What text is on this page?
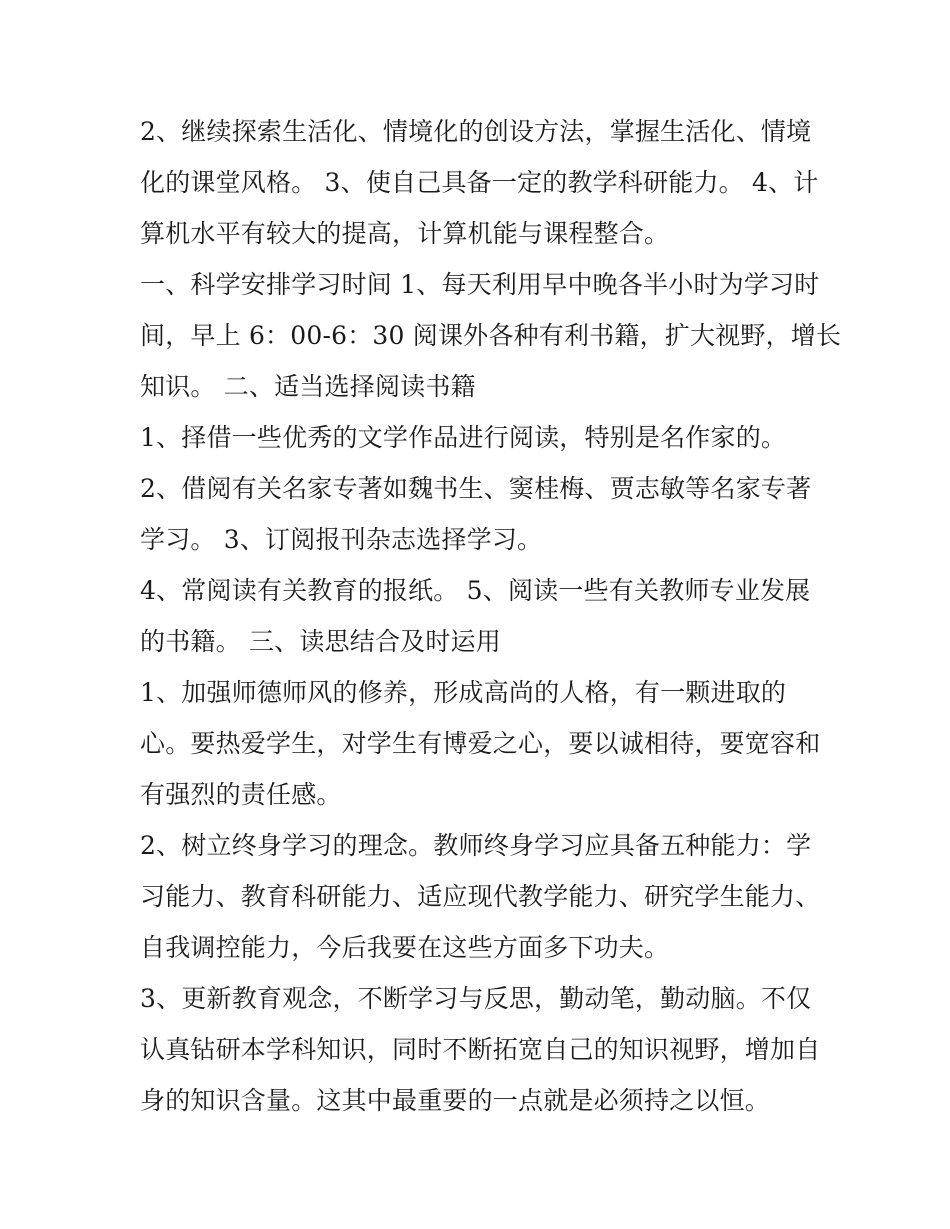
2、继续探索生活化、情境化的创设方法，掌握生活化、情境
化的课堂风格。 3、使自己具备一定的教学科研能力。 4、计
算机水平有较大的提高，计算机能与课程整合。

一、科学安排学习时间 1、每天利用早中晚各半小时为学习时
间，早上 6：00-6：30 阅课外各种有利书籍，扩大视野，增长
知识。 二、适当选择阅读书籍

1、择借一些优秀的文学作品进行阅读，特别是名作家的。

2、借阅有关名家专著如魏书生、窦桂梅、贾志敏等名家专著
学习。 3、订阅报刊杂志选择学习。

4、常阅读有关教育的报纸。 5、阅读一些有关教师专业发展
的书籍。 三、读思结合及时运用

1、加强师德师风的修养，形成高尚的人格，有一颗进取的
心。要热爱学生，对学生有博爱之心，要以诚相待，要宽容和
有强烈的责任感。

2、树立终身学习的理念。教师终身学习应具备五种能力：学
习能力、教育科研能力、适应现代教学能力、研究学生能力、
自我调控能力，今后我要在这些方面多下功夫。

3、更新教育观念，不断学习与反思，勤动笔，勤动脑。不仅
认真钻研本学科知识，同时不断拓宽自己的知识视野，增加自
身的知识含量。这其中最重要的一点就是必须持之以恒。
